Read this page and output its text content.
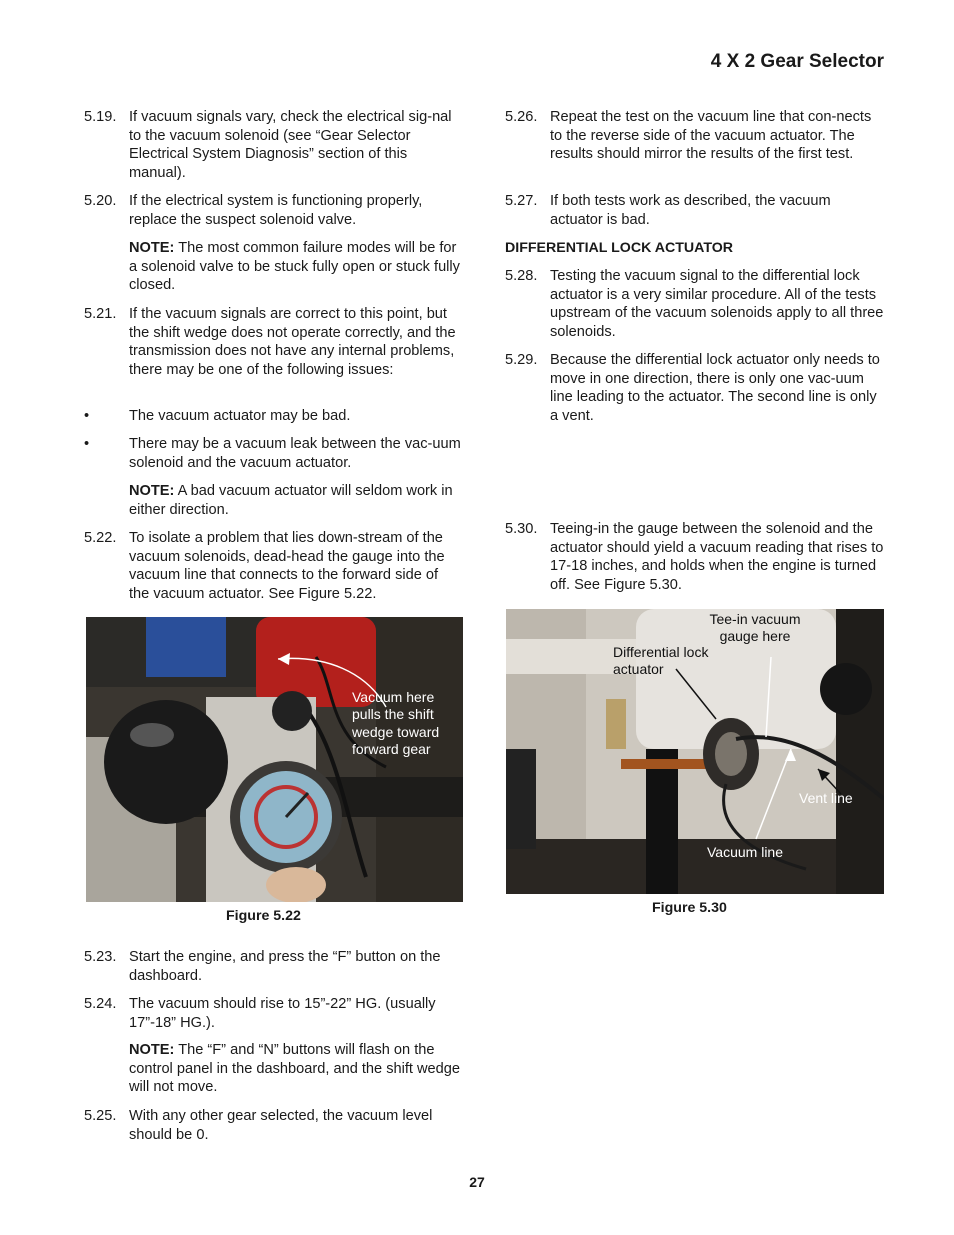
4 X 2 Gear Selector
5.19. If vacuum signals vary, check the electrical sig-nal to the vacuum solenoid (see “Gear Selector Electrical System Diagnosis” section of this manual).
5.20. If the electrical system is functioning properly, replace the suspect solenoid valve.
NOTE: The most common failure modes will be for a solenoid valve to be stuck fully open or stuck fully closed.
5.21. If the vacuum signals are correct to this point, but the shift wedge does not operate correctly, and the transmission does not have any internal problems, there may be one of the following issues:
•	The vacuum actuator may be bad.
•	There may be a vacuum leak between the vac-uum solenoid and the vacuum actuator.
NOTE: A bad vacuum actuator will seldom work in either direction.
5.22. To isolate a problem that lies down-stream of the vacuum solenoids, dead-head the gauge into the vacuum line that connects to the forward side of the vacuum actuator. See Figure 5.22.
5.23. Start the engine, and press the “F” button on the dashboard.
5.24. The vacuum should rise to 15”-22” HG. (usually 17”-18” HG.).
NOTE: The “F” and “N” buttons will flash on the control panel in the dashboard, and the shift wedge will not move.
5.25. With any other gear selected, the vacuum level should be 0.
Vacuum here pulls the shift wedge toward forward gear
Figure 5.22
5.26. Repeat the test on the vacuum line that con-nects to the reverse side of the vacuum actuator. The results should mirror the results of the first test.
5.27. If both tests work as described, the vacuum actuator is bad.
DIFFERENTIAL LOCK ACTUATOR
5.28. Testing the vacuum signal to the differential lock actuator is a very similar procedure. All of the tests upstream of the vacuum solenoids apply to all three solenoids.
5.29. Because the differential lock actuator only needs to move in one direction, there is only one vac-uum line leading to the actuator. The second line is only a vent.
5.30. Teeing-in the gauge between the solenoid and the actuator should yield a vacuum reading that rises to 17-18 inches, and holds when the engine is turned off. See Figure 5.30.
Tee-in vacuum gauge here
Differential lock actuator
Vent line
Vacuum line
Figure 5.30
27
